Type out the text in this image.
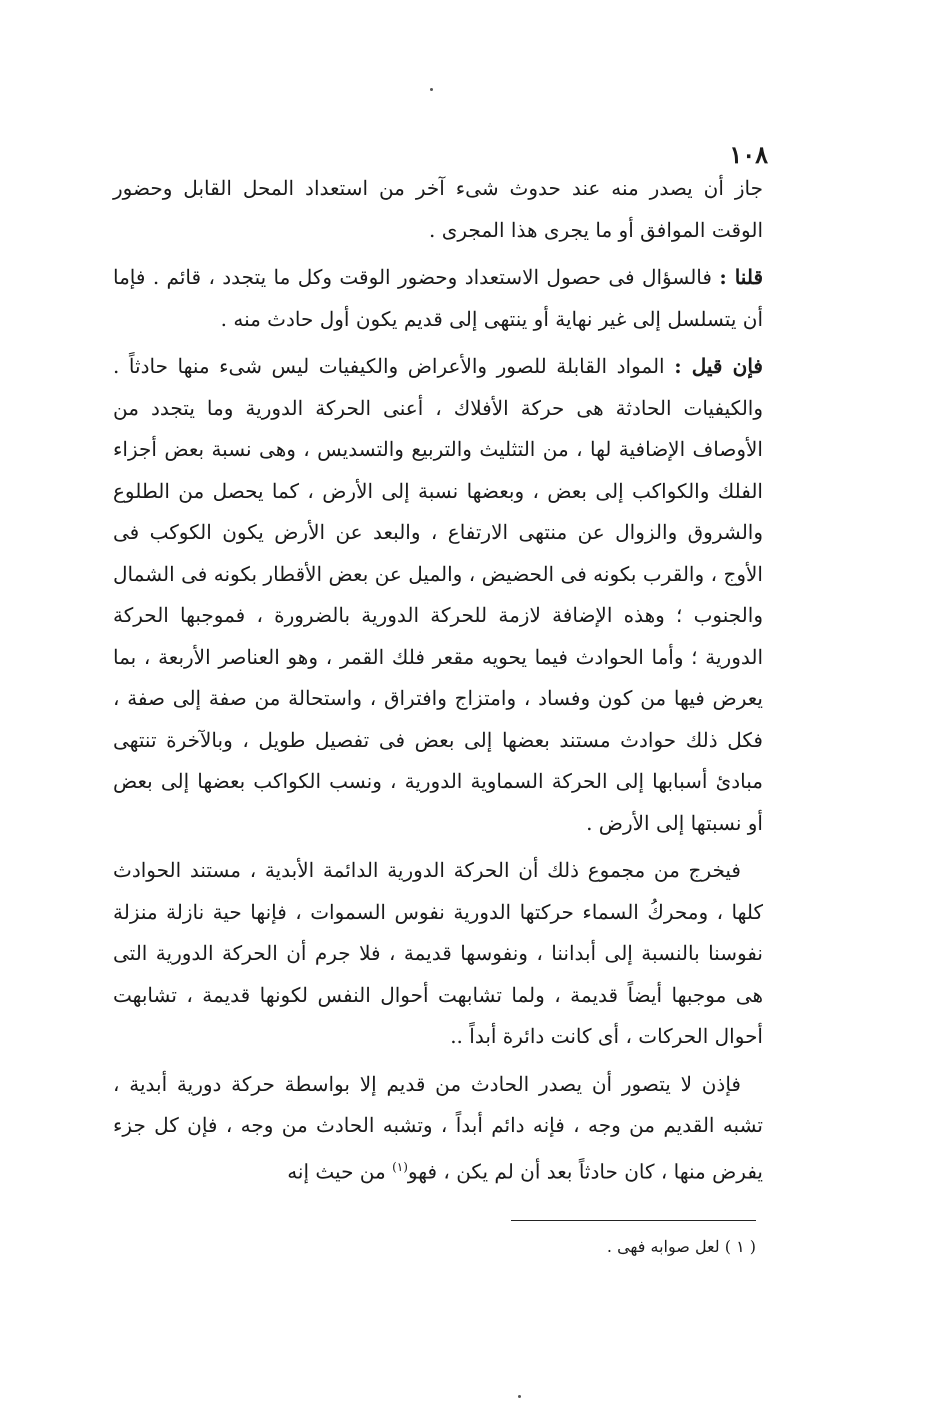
١٠٨

جاز أن يصدر منه عند حدوث شىء آخر من استعداد المحل القابل وحضور الوقت الموافق أو ما يجرى هذا المجرى .

قلنا : فالسؤال فى حصول الاستعداد وحضور الوقت وكل ما يتجدد ، قائم . فإما أن يتسلسل إلى غير نهاية أو ينتهى إلى قديم يكون أول حادث منه .

فإن قيل : المواد القابلة للصور والأعراض والكيفيات ليس شىء منها حادثاً . والكيفيات الحادثة هى حركة الأفلاك ، أعنى الحركة الدورية وما يتجدد من الأوصاف الإضافية لها ، من التثليث والتربيع والتسديس ، وهى نسبة بعض أجزاء الفلك والكواكب إلى بعض ، وبعضها نسبة إلى الأرض ، كما يحصل من الطلوع والشروق والزوال عن منتهى الارتفاع ، والبعد عن الأرض يكون الكوكب فى الأوج ، والقرب بكونه فى الحضيض ، والميل عن بعض الأقطار بكونه فى الشمال والجنوب ؛ وهذه الإضافة لازمة للحركة الدورية بالضرورة ، فموجبها الحركة الدورية ؛ وأما الحوادث فيما يحويه مقعر فلك القمر ، وهو العناصر الأربعة ، بما يعرض فيها من كون وفساد ، وامتزاج وافتراق ، واستحالة من صفة إلى صفة ، فكل ذلك حوادث مستند بعضها إلى بعض فى تفصيل طويل ، وبالآخرة تنتهى مبادئ أسبابها إلى الحركة السماوية الدورية ، ونسب الكواكب بعضها إلى بعض أو نسبتها إلى الأرض .

فيخرج من مجموع ذلك أن الحركة الدورية الدائمة الأبدية ، مستند الحوادث كلها ، ومحركُ السماء حركتها الدورية نفوس السموات ، فإنها حية نازلة منزلة نفوسنا بالنسبة إلى أبداننا ، ونفوسها قديمة ، فلا جرم أن الحركة الدورية التى هى موجبها أيضاً قديمة ، ولما تشابهت أحوال النفس لكونها قديمة ، تشابهت أحوال الحركات ، أى كانت دائرة أبداً ..

فإذن لا يتصور أن يصدر الحادث من قديم إلا بواسطة حركة دورية أبدية ، تشبه القديم من وجه ، فإنه دائم أبداً ، وتشبه الحادث من وجه ، فإن كل جزء يفرض منها ، كان حادثاً بعد أن لم يكن ، فهو$^{(١)}$ من حيث إنه

( ١ ) لعل صوابه فهى .
